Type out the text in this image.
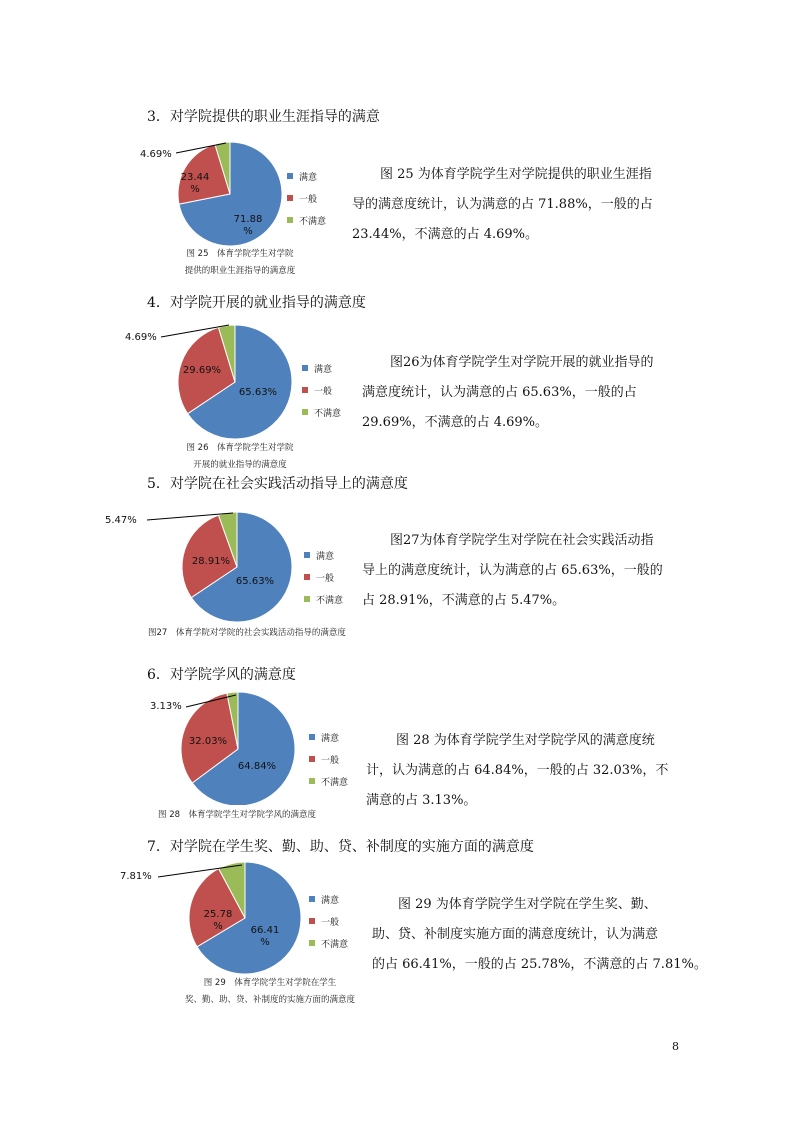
3．对学院提供的职业生涯指导的满意
71.88 %
23.44 %
4.69%
满意
一般
不满意
图 25　体育学院学生对学院
提供的职业生涯指导的满意度
图 25 为体育学院学生对学院提供的职业生涯指
导的满意度统计，认为满意的占 71.88%，一般的占
23.44%，不满意的占 4.69%。
4．对学院开展的就业指导的满意度
65.63%
29.69%
4.69%
满意
一般
不满意
图 26　体育学院学生对学院
开展的就业指导的满意度
图26为体育学院学生对学院开展的就业指导的
满意度统计，认为满意的占 65.63%，一般的占
29.69%，不满意的占 4.69%。
5．对学院在社会实践活动指导上的满意度
65.63%
28.91%
5.47%
满意
一般
不满意
图27　体育学院对学院的社会实践活动指导的满意度
图27为体育学院学生对学院在社会实践活动指
导上的满意度统计，认为满意的占 65.63%，一般的
占 28.91%，不满意的占 5.47%。
6．对学院学风的满意度
64.84%
32.03%
3.13%
满意
一般
不满意
图 28　体育学院学生对学院学风的满意度
图 28 为体育学院学生对学院学风的满意度统
计，认为满意的占 64.84%，一般的占 32.03%，不
满意的占 3.13%。
7．对学院在学生奖、勤、助、贷、补制度的实施方面的满意度
66.41 %
25.78 %
7.81%
满意
一般
不满意
图 29　体育学院学生对学院在学生
奖、勤、助、贷、补制度的实施方面的满意度
图 29 为体育学院学生对学院在学生奖、勤、
助、贷、补制度实施方面的满意度统计，认为满意
的占 66.41%，一般的占 25.78%，不满意的占 7.81%。
8
